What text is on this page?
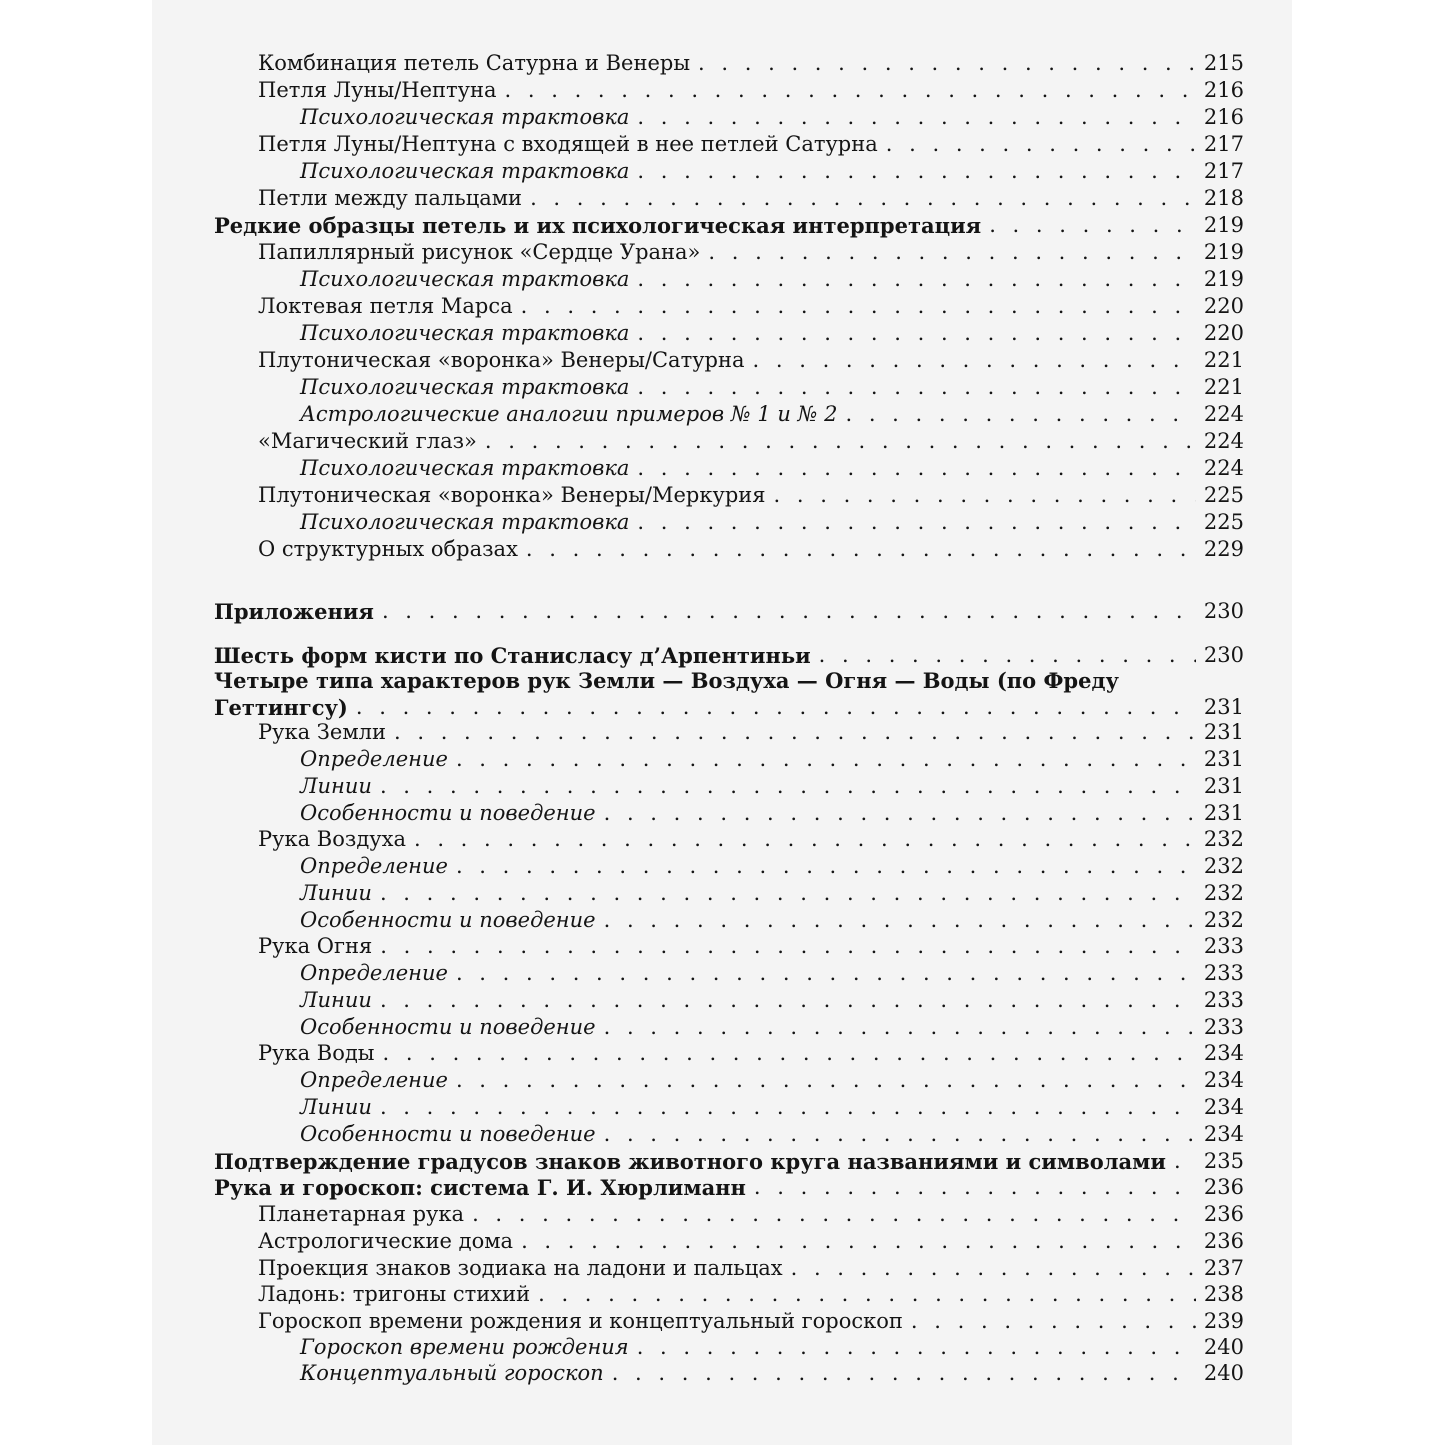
Комбинация петель Сатурна и Венеры . . .	215
Петля Луны/Нептуна . . .	216
Психологическая трактовка . . .	216
Петля Луны/Нептуна с входящей в нее петлей Сатурна . . .	217
Психологическая трактовка . . .	217
Петли между пальцами . . .	218
Редкие образцы петель и их психологическая интерпретация . . .	219
Папиллярный рисунок «Сердце Урана» . . .	219
Психологическая трактовка . . .	219
Локтевая петля Марса . . .	220
Психологическая трактовка . . .	220
Плутоническая «воронка» Венеры/Сатурна . . .	221
Психологическая трактовка . . .	221
Астрологические аналогии примеров № 1 и № 2 . . .	224
«Магический глаз» . . .	224
Психологическая трактовка . . .	224
Плутоническая «воронка» Венеры/Меркурия . . .	225
Психологическая трактовка . . .	225
О структурных образах . . .	229
Приложения . . .	230
Шесть форм кисти по Станисласу д’Арпентиньи . . .	230
Четыре типа характеров рук Земли — Воздуха — Огня — Воды (по Фреду
Геттингсу) . . .	231
Рука Земли . . .	231
Определение . . .	231
Линии . . .	231
Особенности и поведение . . .	231
Рука Воздуха . . .	232
Определение . . .	232
Линии . . .	232
Особенности и поведение . . .	232
Рука Огня . . .	233
Определение . . .	233
Линии . . .	233
Особенности и поведение . . .	233
Рука Воды . . .	234
Определение . . .	234
Линии . . .	234
Особенности и поведение . . .	234
Подтверждение градусов знаков животного круга названиями и символами . . .	235
Рука и гороскоп: система Г. И. Хюрлиманн . . .	236
Планетарная рука . . .	236
Астрологические дома . . .	236
Проекция знаков зодиака на ладони и пальцах . . .	237
Ладонь: тригоны стихий . . .	238
Гороскоп времени рождения и концептуальный гороскоп . . .	239
Гороскоп времени рождения . . .	240
Концептуальный гороскоп . . .	240
